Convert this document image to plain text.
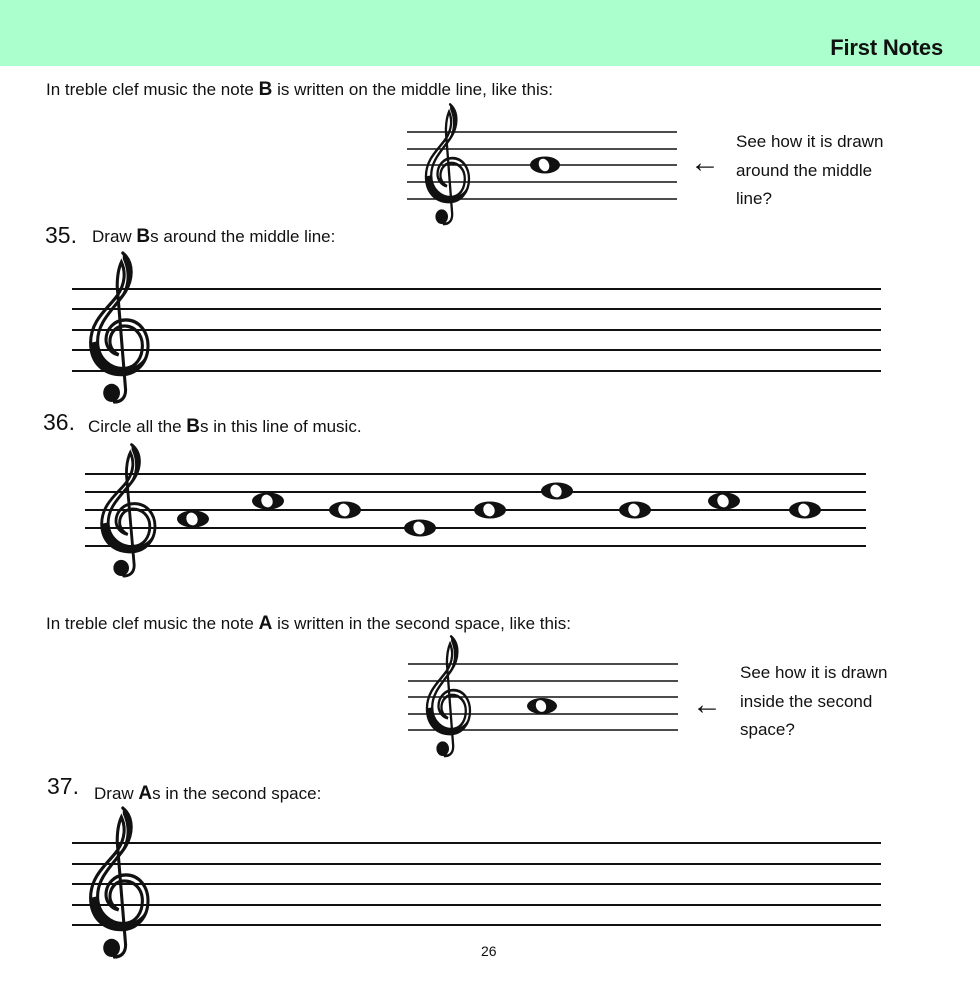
First Notes
In treble clef music the note B is written on the middle line, like this:
←
See how it is drawn
around the middle
line?
35. Draw Bs around the middle line:
36. Circle all the Bs in this line of music.
In treble clef music the note A is written in the second space, like this:
←
See how it is drawn
inside the second
space?
37. Draw As in the second space:
26
